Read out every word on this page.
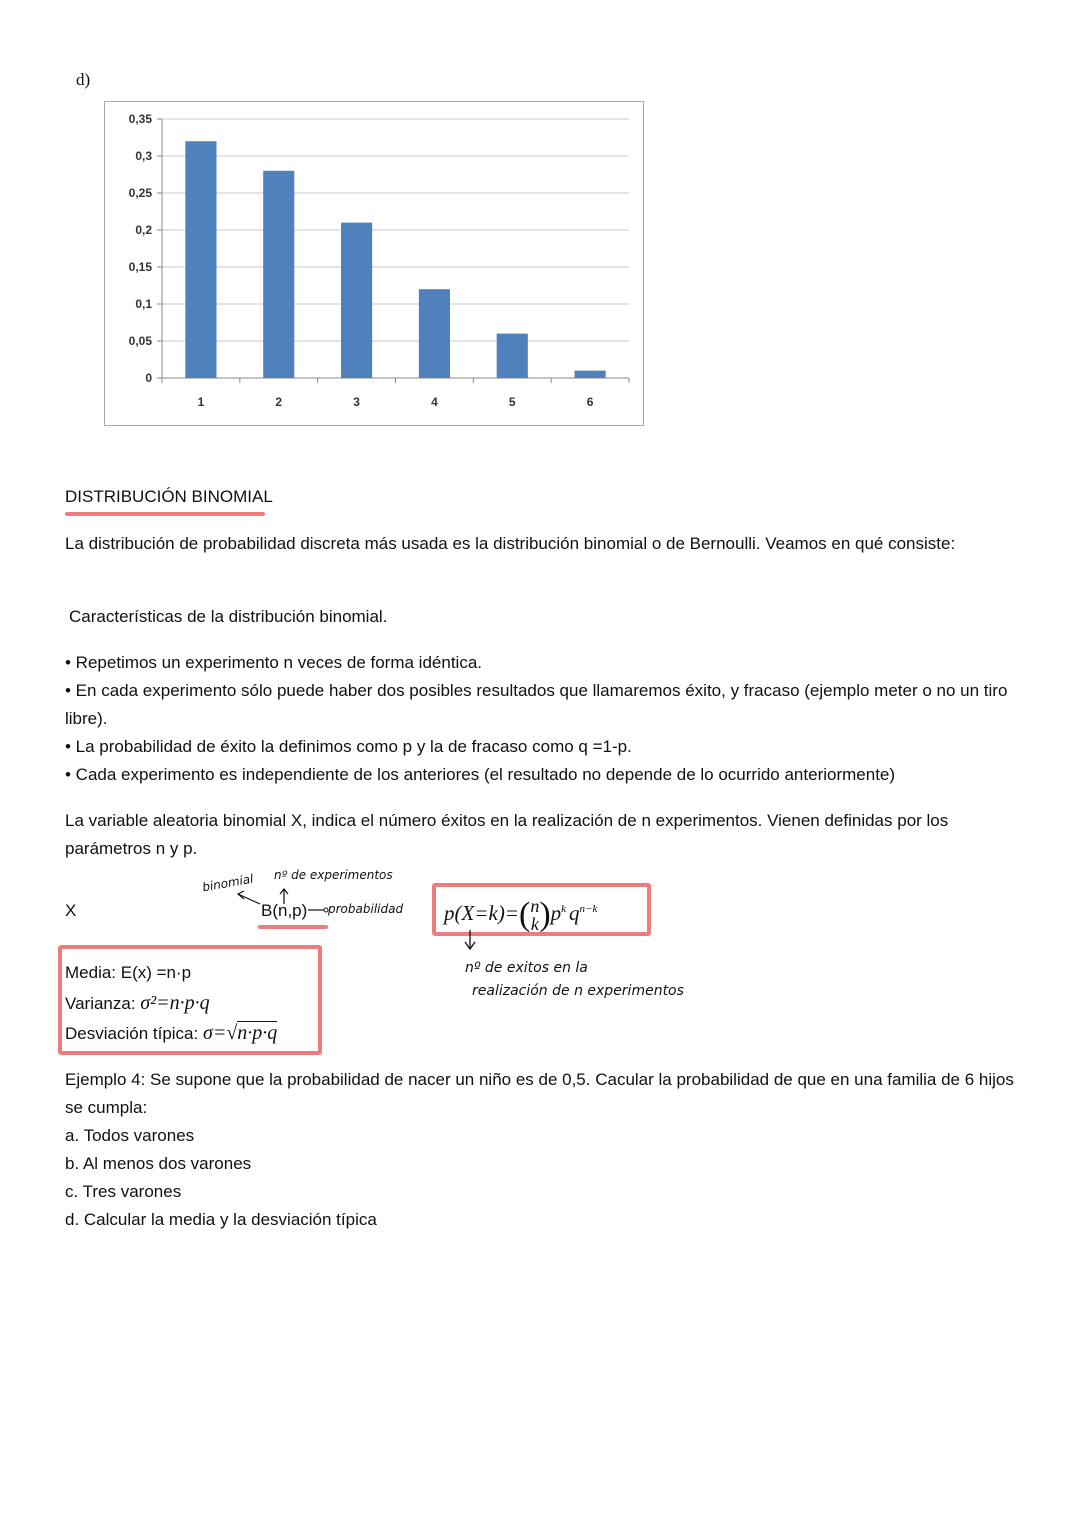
d)
0
0,05
0,1
0,15
0,2
0,25
0,3
0,35
1	2	3	4	5	6
DISTRIBUCIÓN BINOMIAL
La distribución de probabilidad discreta más usada es la distribución binomial o de Bernoulli. Veamos en qué consiste:
Características de la distribución binomial.
• Repetimos un experimento n veces de forma idéntica.
• En cada experimento sólo puede haber dos posibles resultados que llamaremos éxito, y fracaso (ejemplo meter o no un tiro libre).
• La probabilidad de éxito la definimos como p y la de fracaso como q =1-p.
• Cada experimento es independiente de los anteriores (el resultado no depende de lo ocurrido anteriormente)
La variable aleatoria binomial X, indica el número éxitos en la realización de n experimentos. Vienen definidas por los parámetros n y p.
X
binomial nº de experimentos
B(n,p) probabilidad p(X=k)=( n
k )$p^k$ $q^{n-k}$
nº de exitos en la
realización de n experimentos
Media: E(x) =n·p
Varianza: σ²=n·p·q
Desviación típica: σ=√n·p·q
Ejemplo 4: Se supone que la probabilidad de nacer un niño es de 0,5. Cacular la probabilidad de que en una familia de 6 hijos se cumpla:
a. Todos varones
b. Al menos dos varones
c. Tres varones
d. Calcular la media y la desviación típica
